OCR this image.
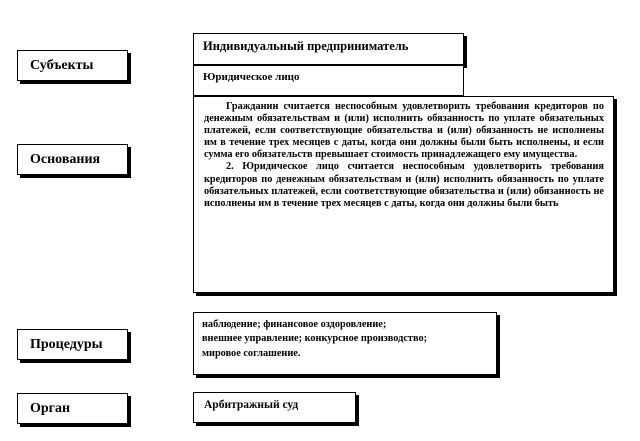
Субъекты
Основания
Процедуры
Орган
Индивидуальный предприниматель
Юридическое лицо

Гражданин считается неспособным удовлетворить требования кредиторов по денежным обязательствам и (или) исполнить обязанность по уплате обязательных платежей, если соответствующие обязательства и (или) обязанность не исполнены им в течение трех месяцев с даты, когда они должны были быть исполнены, и если сумма его обязательств превышает стоимость принадлежащего ему имущества.

2. Юридическое лицо считается неспособным удовлетворить требования кредиторов по денежным обязательствам и (или) исполнить обязанность по уплате обязательных платежей, если соответствующие обязательства и (или) обязанность не исполнены им в течение трех месяцев с даты, когда они должны были быть

наблюдение; финансовое оздоровление;
внешнее управление; конкурсное производство;
мировое соглашение.
Арбитражный суд
